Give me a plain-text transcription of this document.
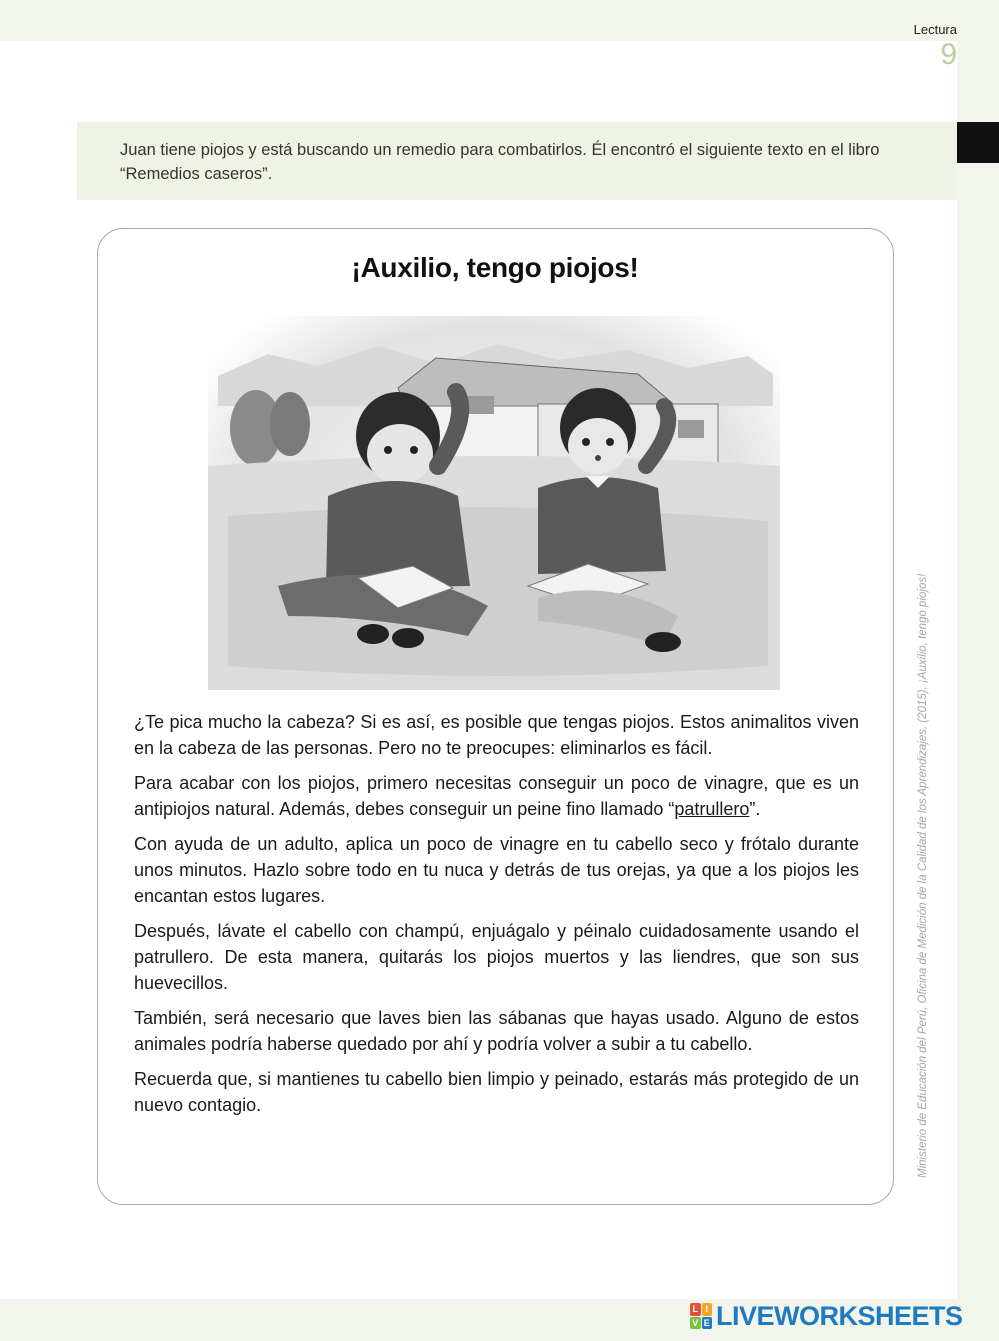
Lectura
9
Juan tiene piojos y está buscando un remedio para combatirlos. Él encontró el siguiente texto en el libro “Remedios caseros”.
¡Auxilio, tengo piojos!

¿Te pica mucho la cabeza? Si es así, es posible que tengas piojos. Estos animalitos viven en la cabeza de las personas. Pero no te preocupes: eliminarlos es fácil.

Para acabar con los piojos, primero necesitas conseguir un poco de vinagre, que es un antipiojos natural. Además, debes conseguir un peine fino llamado “patrullero”.

Con ayuda de un adulto, aplica un poco de vinagre en tu cabello seco y frótalo durante unos minutos. Hazlo sobre todo en tu nuca y detrás de tus orejas, ya que a los piojos les encantan estos lugares.

Después, lávate el cabello con champú, enjuágalo y péinalo cuidadosamente usando el patrullero. De esta manera, quitarás los piojos muertos y las liendres, que son sus huevecillos.

También, será necesario que laves bien las sábanas que hayas usado. Alguno de estos animales podría haberse quedado por ahí y podría volver a subir a tu cabello.

Recuerda que, si mantienes tu cabello bien limpio y peinado, estarás más protegido de un nuevo contagio.	Ministerio de Educación del Perú, Oficina de Medición de la Calidad de los Aprendizajes. (2015). ¡Auxilio, tengo piojos!
L I
V E LIVEWORKSHEETS
